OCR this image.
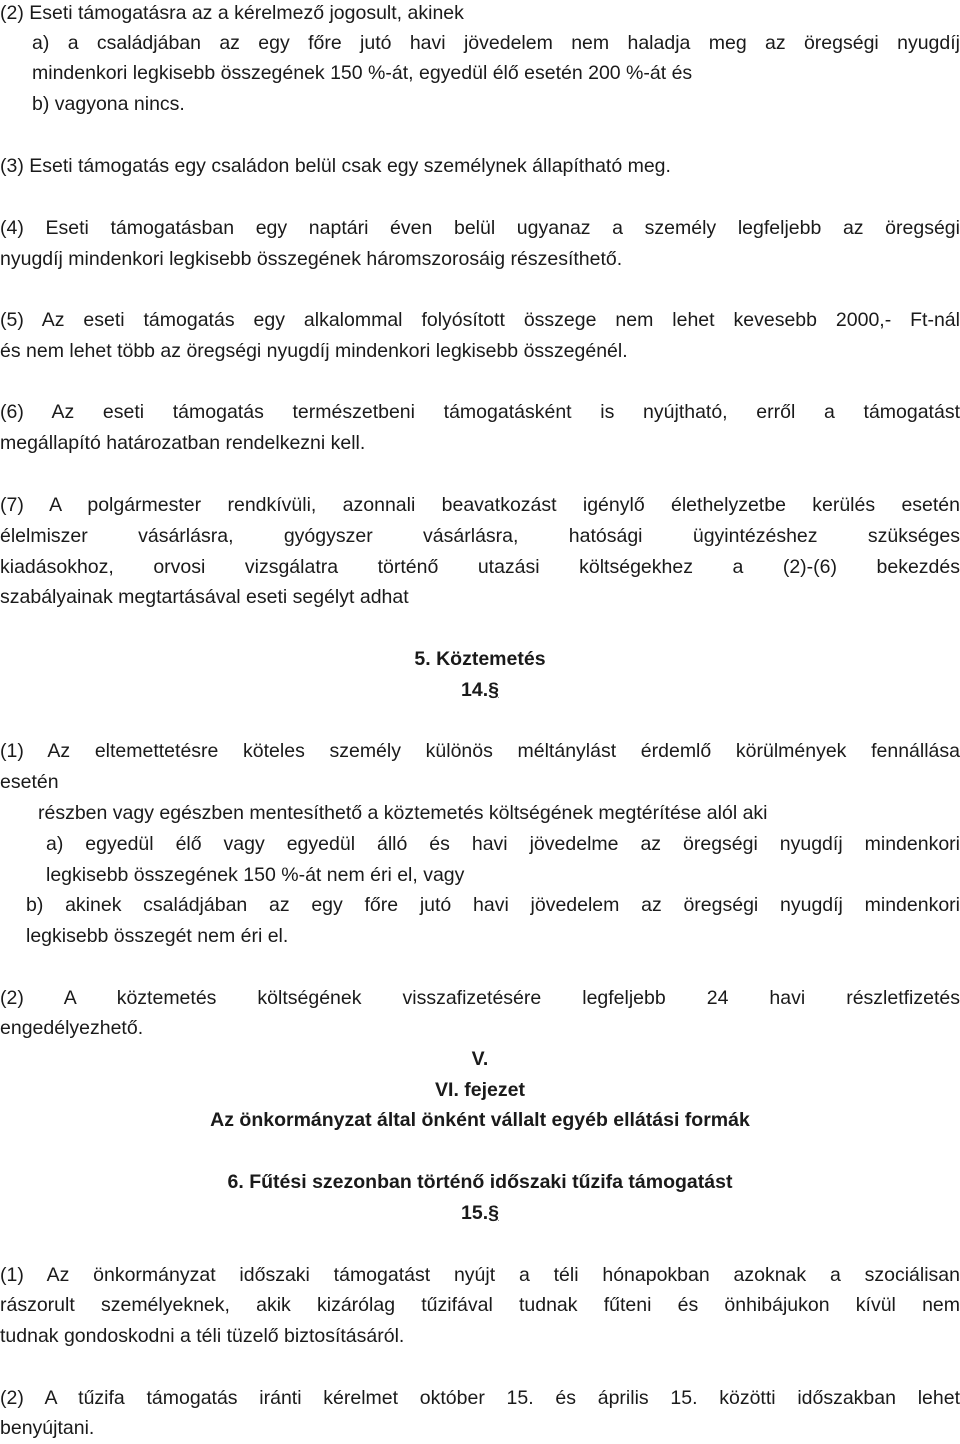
(2) Eseti támogatásra az a kérelmező jogosult, akinek
a) a családjában az egy főre jutó havi jövedelem nem haladja meg az öregségi nyugdíj
mindenkori legkisebb összegének 150 %-át, egyedül élő esetén 200 %-át és
b) vagyona nincs.
(3) Eseti támogatás egy családon belül csak egy személynek állapítható meg.
(4) Eseti támogatásban egy naptári éven belül ugyanaz a személy legfeljebb az öregségi
nyugdíj mindenkori legkisebb összegének háromszorosáig részesíthető.
(5) Az eseti támogatás egy alkalommal folyósított összege nem lehet kevesebb 2000,- Ft-nál
és nem lehet több az öregségi nyugdíj mindenkori legkisebb összegénél.
(6) Az eseti támogatás természetbeni támogatásként is nyújtható, erről a támogatást
megállapító határozatban rendelkezni kell.
(7) A polgármester rendkívüli, azonnali beavatkozást igénylő élethelyzetbe kerülés esetén
élelmiszer vásárlásra, gyógyszer vásárlásra, hatósági ügyintézéshez szükséges
kiadásokhoz, orvosi vizsgálatra történő utazási költségekhez a (2)-(6) bekezdés
szabályainak megtartásával eseti segélyt adhat
5. Köztemetés
14.§
(1) Az eltemettetésre köteles személy különös méltánylást érdemlő körülmények fennállása
esetén
részben vagy egészben mentesíthető a köztemetés költségének megtérítése alól aki
a) egyedül élő vagy egyedül álló és havi jövedelme az öregségi nyugdíj mindenkori
legkisebb összegének 150 %-át nem éri el, vagy
b) akinek családjában az egy főre jutó havi jövedelem az öregségi nyugdíj mindenkori
legkisebb összegét nem éri el.
(2) A köztemetés költségének visszafizetésére legfeljebb 24 havi részletfizetés
engedélyezhető.
V.
VI. fejezet
Az önkormányzat által önként vállalt egyéb ellátási formák
6. Fűtési szezonban történő időszaki tűzifa támogatást
15.§
(1) Az önkormányzat időszaki támogatást nyújt a téli hónapokban azoknak a szociálisan
rászorult személyeknek, akik kizárólag tűzifával tudnak fűteni és önhibájukon kívül nem
tudnak gondoskodni a téli tüzelő biztosításáról.
(2) A tűzifa támogatás iránti kérelmet október 15. és április 15. közötti időszakban lehet
benyújtani.
